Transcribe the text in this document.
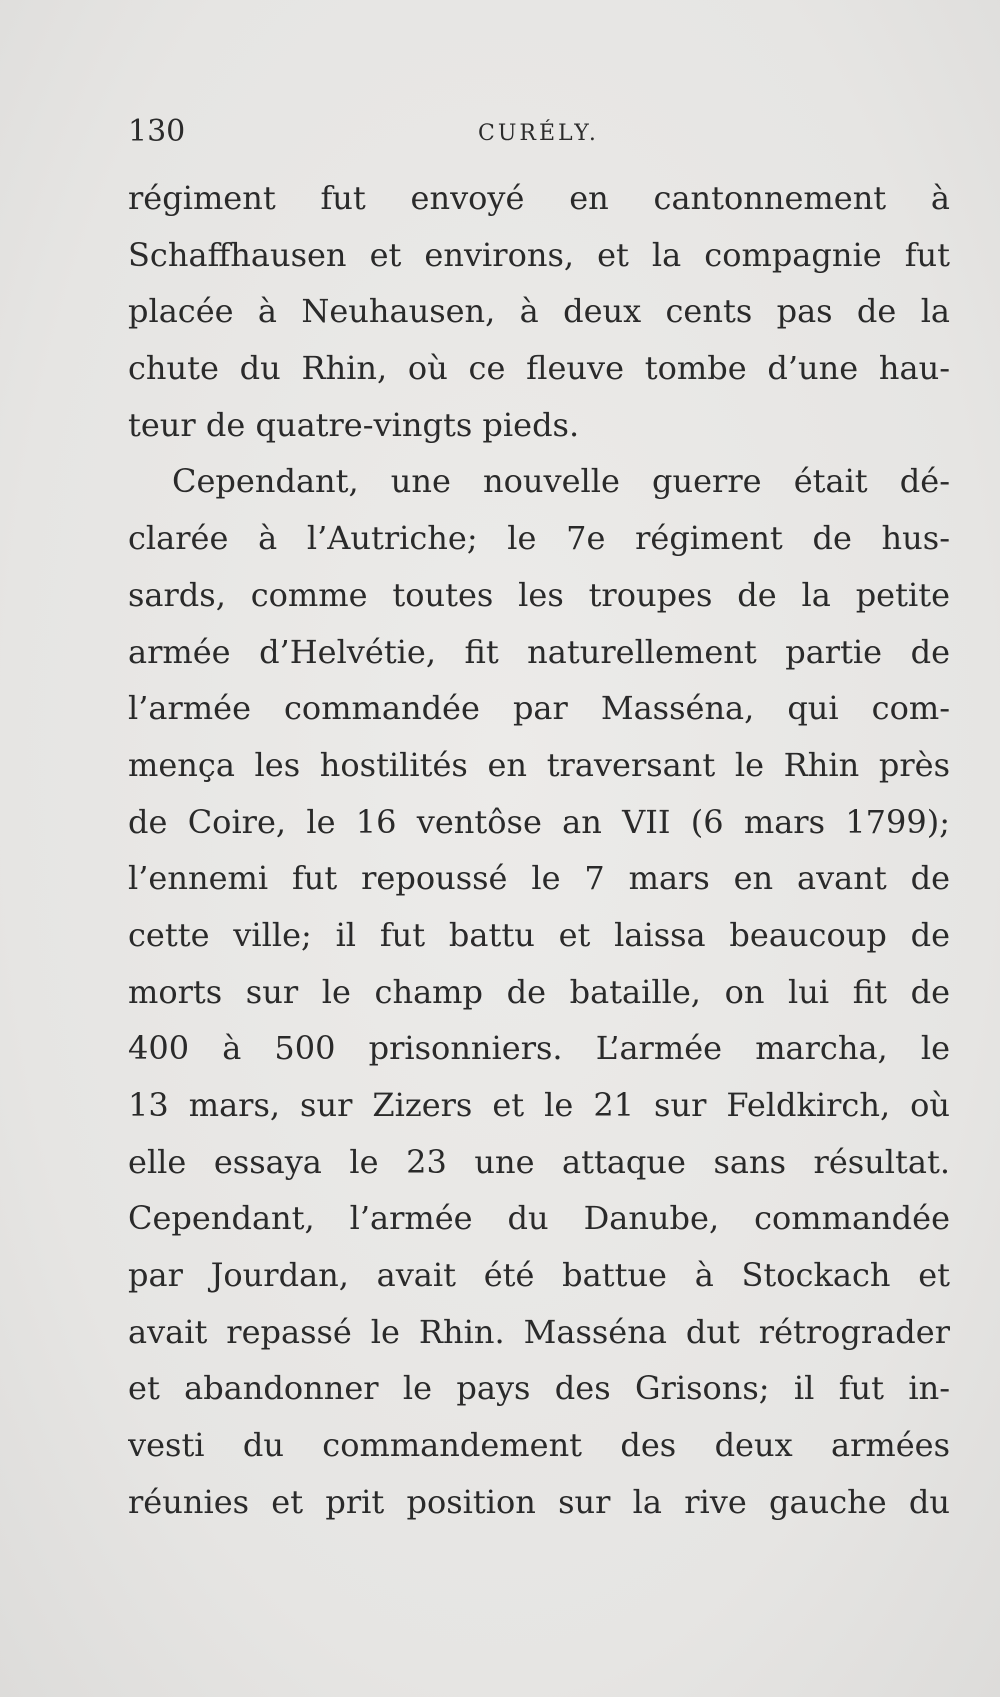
130	CURÉLY.
régiment fut envoyé en cantonnement à
Schaffhausen et environs, et la compagnie fut
placée à Neuhausen, à deux cents pas de la
chute du Rhin, où ce fleuve tombe d’une hau-
teur de quatre-vingts pieds.
Cependant, une nouvelle guerre était dé-
clarée à l’Autriche; le 7e régiment de hus-
sards, comme toutes les troupes de la petite
armée d’Helvétie, fit naturellement partie de
l’armée commandée par Masséna, qui com-
mença les hostilités en traversant le Rhin près
de Coire, le 16 ventôse an VII (6 mars 1799);
l’ennemi fut repoussé le 7 mars en avant de
cette ville; il fut battu et laissa beaucoup de
morts sur le champ de bataille, on lui fit de
400 à 500 prisonniers. L’armée marcha, le
13 mars, sur Zizers et le 21 sur Feldkirch, où
elle essaya le 23 une attaque sans résultat.
Cependant, l’armée du Danube, commandée
par Jourdan, avait été battue à Stockach et
avait repassé le Rhin. Masséna dut rétrograder
et abandonner le pays des Grisons; il fut in-
vesti du commandement des deux armées
réunies et prit position sur la rive gauche du
